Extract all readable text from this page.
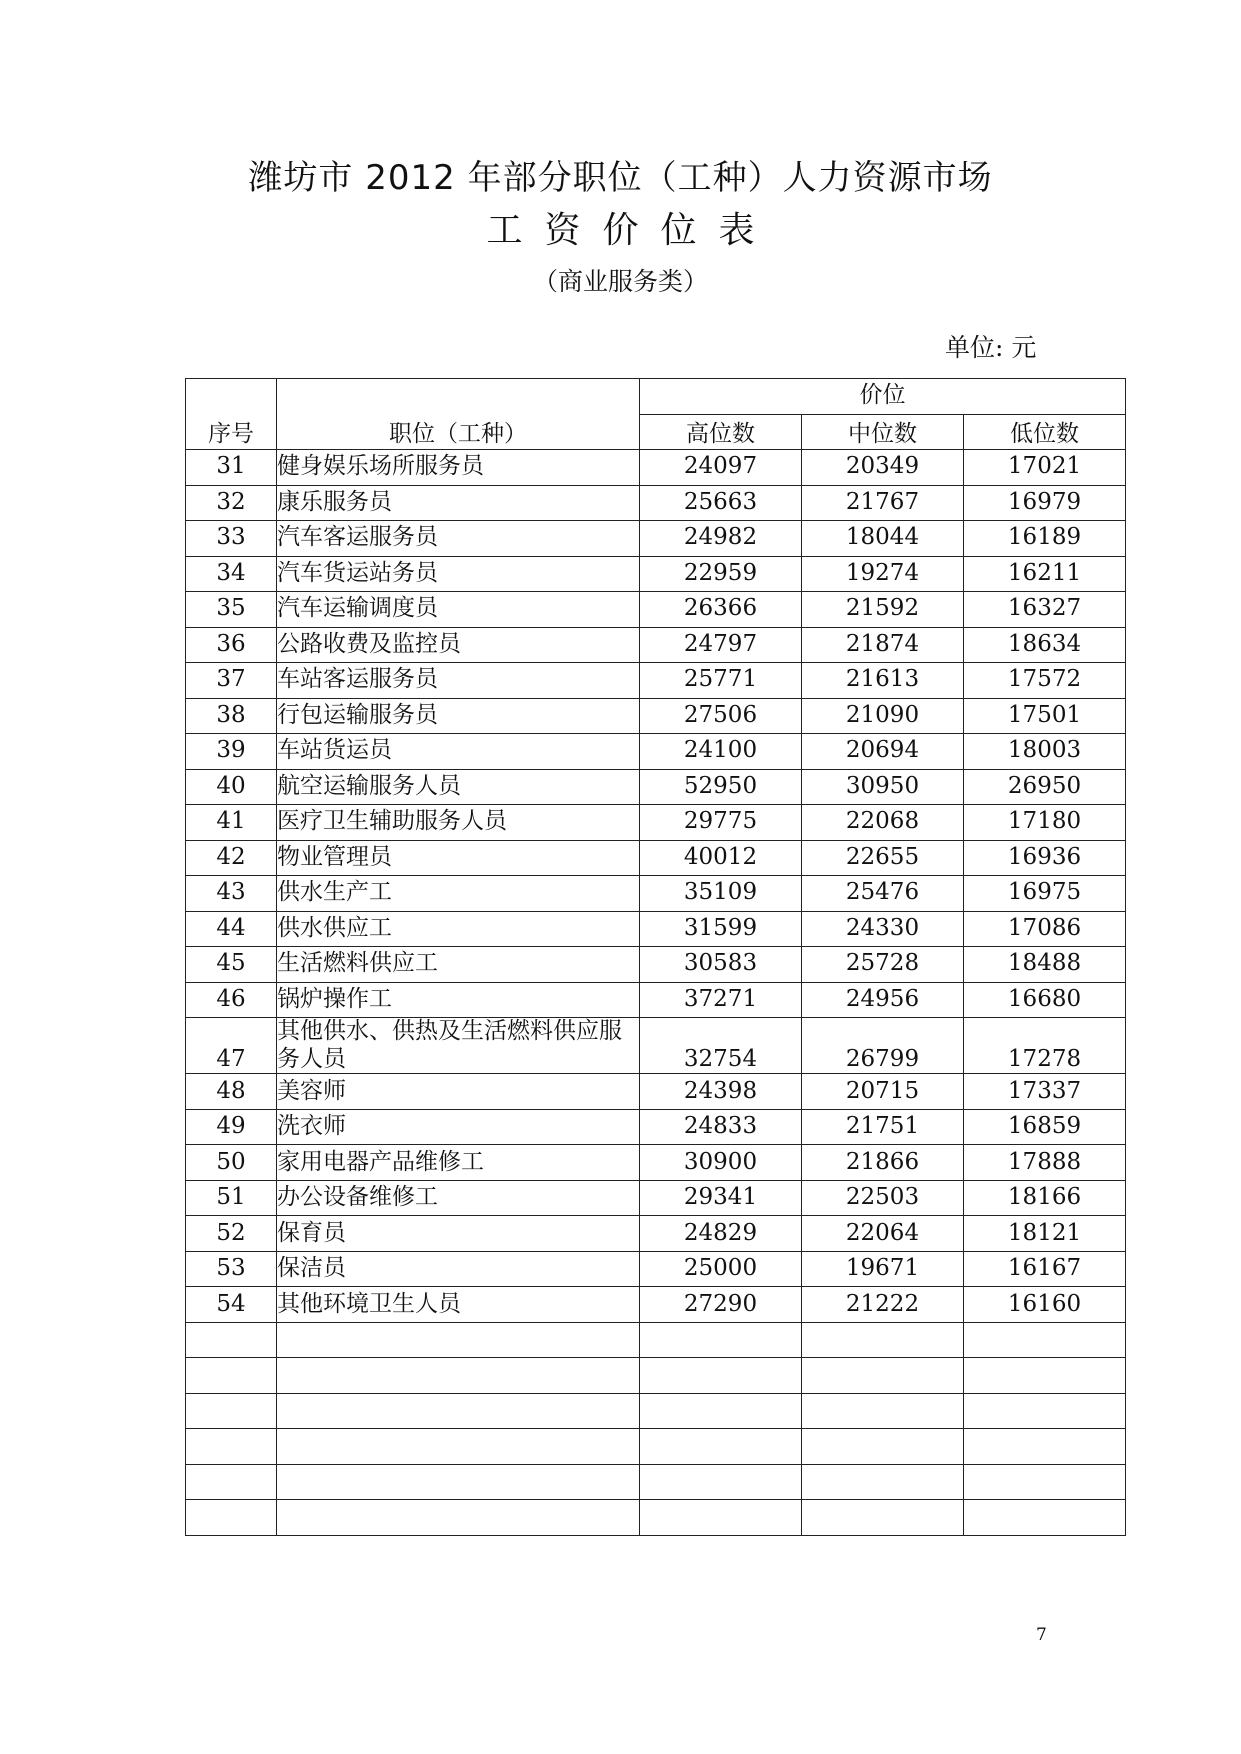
潍坊市 2012 年部分职位（工种）人力资源市场
工资价位表
（商业服务类）
单位: 元
序号	职位（工种）	价位		
		高位数	中位数	低位数
31	健身娱乐场所服务员	24097	20349	17021
32	康乐服务员	25663	21767	16979
33	汽车客运服务员	24982	18044	16189
34	汽车货运站务员	22959	19274	16211
35	汽车运输调度员	26366	21592	16327
36	公路收费及监控员	24797	21874	18634
37	车站客运服务员	25771	21613	17572
38	行包运输服务员	27506	21090	17501
39	车站货运员	24100	20694	18003
40	航空运输服务人员	52950	30950	26950
41	医疗卫生辅助服务人员	29775	22068	17180
42	物业管理员	40012	22655	16936
43	供水生产工	35109	25476	16975
44	供水供应工	31599	24330	17086
45	生活燃料供应工	30583	25728	18488
46	锅炉操作工	37271	24956	16680
47	其他供水、供热及生活燃料供应服务人员	32754	26799	17278
48	美容师	24398	20715	17337
49	洗衣师	24833	21751	16859
50	家用电器产品维修工	30900	21866	17888
51	办公设备维修工	29341	22503	18166
52	保育员	24829	22064	18121
53	保洁员	25000	19671	16167
54	其他环境卫生人员	27290	21222	16160

7
